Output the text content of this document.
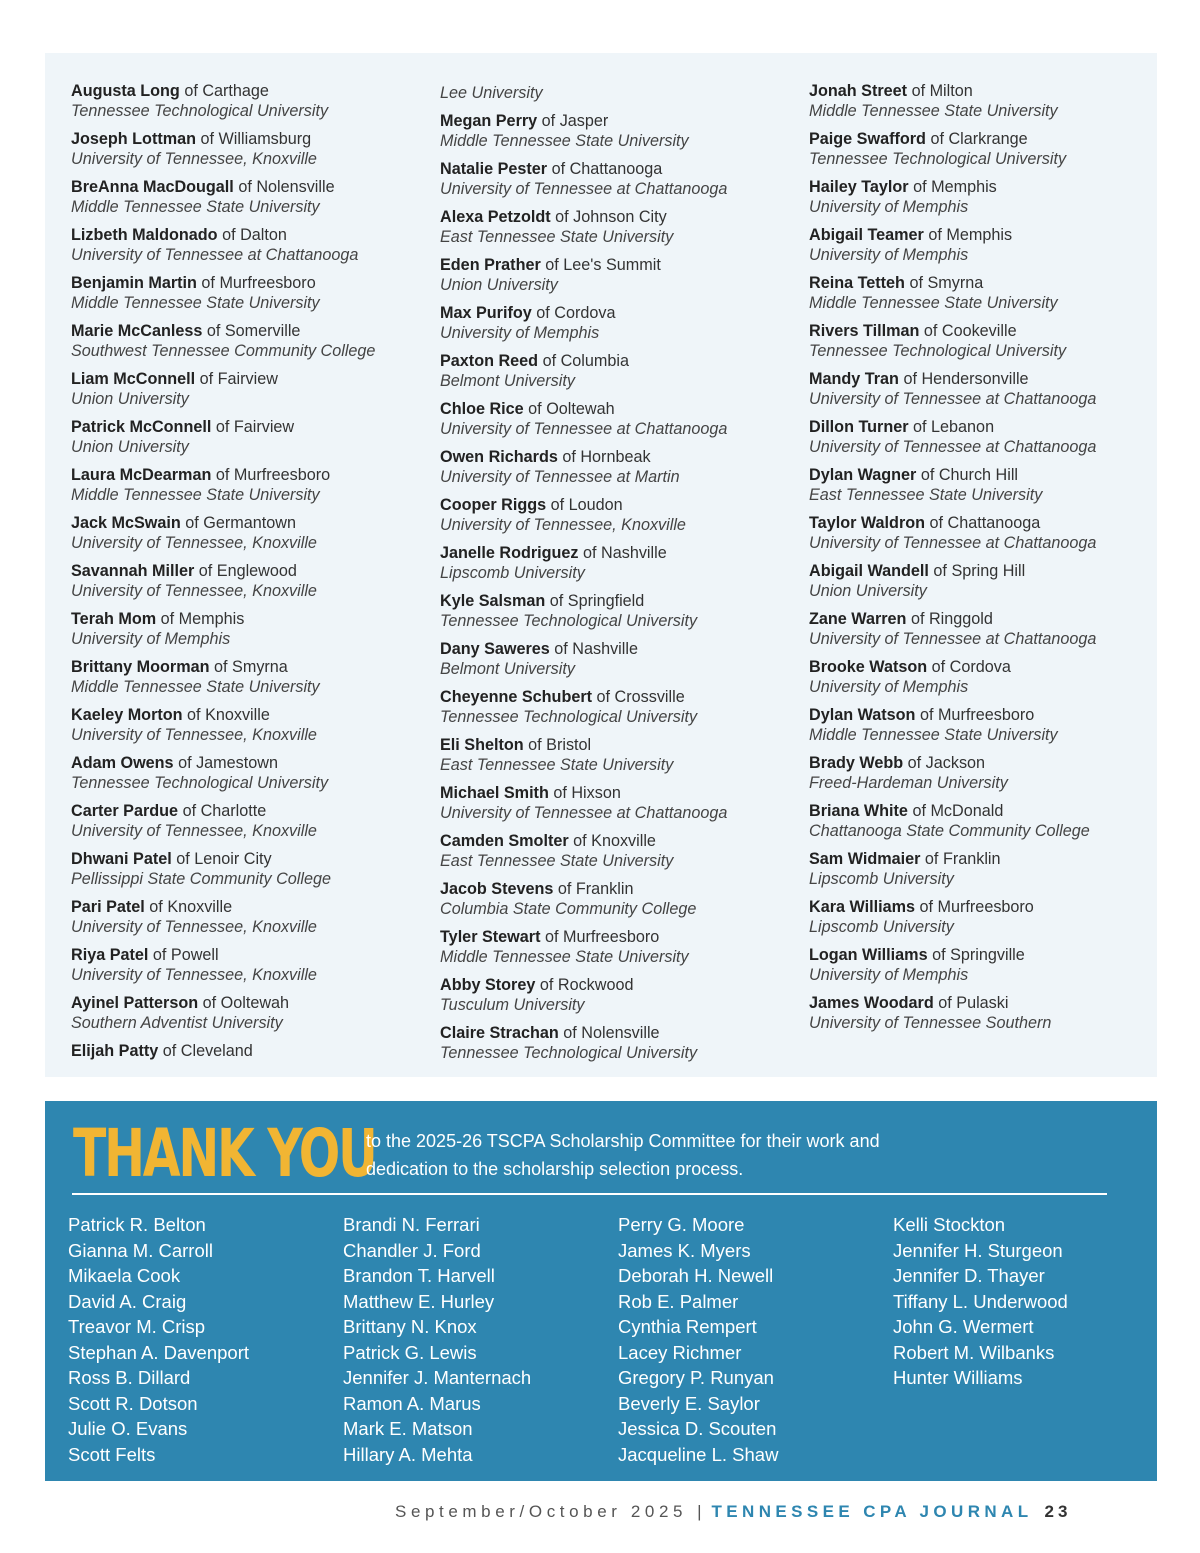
Augusta Long of Carthage
Tennessee Technological University
Joseph Lottman of Williamsburg
University of Tennessee, Knoxville
BreAnna MacDougall of Nolensville
Middle Tennessee State University
Lizbeth Maldonado of Dalton
University of Tennessee at Chattanooga
Benjamin Martin of Murfreesboro
Middle Tennessee State University
Marie McCanless of Somerville
Southwest Tennessee Community College
Liam McConnell of Fairview
Union University
Patrick McConnell of Fairview
Union University
Laura McDearman of Murfreesboro
Middle Tennessee State University
Jack McSwain of Germantown
University of Tennessee, Knoxville
Savannah Miller of Englewood
University of Tennessee, Knoxville
Terah Mom of Memphis
University of Memphis
Brittany Moorman of Smyrna
Middle Tennessee State University
Kaeley Morton of Knoxville
University of Tennessee, Knoxville
Adam Owens of Jamestown
Tennessee Technological University
Carter Pardue of Charlotte
University of Tennessee, Knoxville
Dhwani Patel of Lenoir City
Pellissippi State Community College
Pari Patel of Knoxville
University of Tennessee, Knoxville
Riya Patel of Powell
University of Tennessee, Knoxville
Ayinel Patterson of Ooltewah
Southern Adventist University
Elijah Patty of Cleveland
Lee University
Megan Perry of Jasper
Middle Tennessee State University
Natalie Pester of Chattanooga
University of Tennessee at Chattanooga
Alexa Petzoldt of Johnson City
East Tennessee State University
Eden Prather of Lee's Summit
Union University
Max Purifoy of Cordova
University of Memphis
Paxton Reed of Columbia
Belmont University
Chloe Rice of Ooltewah
University of Tennessee at Chattanooga
Owen Richards of Hornbeak
University of Tennessee at Martin
Cooper Riggs of Loudon
University of Tennessee, Knoxville
Janelle Rodriguez of Nashville
Lipscomb University
Kyle Salsman of Springfield
Tennessee Technological University
Dany Saweres of Nashville
Belmont University
Cheyenne Schubert of Crossville
Tennessee Technological University
Eli Shelton of Bristol
East Tennessee State University
Michael Smith of Hixson
University of Tennessee at Chattanooga
Camden Smolter of Knoxville
East Tennessee State University
Jacob Stevens of Franklin
Columbia State Community College
Tyler Stewart of Murfreesboro
Middle Tennessee State University
Abby Storey of Rockwood
Tusculum University
Claire Strachan of Nolensville
Tennessee Technological University
Jonah Street of Milton
Middle Tennessee State University
Paige Swafford of Clarkrange
Tennessee Technological University
Hailey Taylor of Memphis
University of Memphis
Abigail Teamer of Memphis
University of Memphis
Reina Tetteh of Smyrna
Middle Tennessee State University
Rivers Tillman of Cookeville
Tennessee Technological University
Mandy Tran of Hendersonville
University of Tennessee at Chattanooga
Dillon Turner of Lebanon
University of Tennessee at Chattanooga
Dylan Wagner of Church Hill
East Tennessee State University
Taylor Waldron of Chattanooga
University of Tennessee at Chattanooga
Abigail Wandell of Spring Hill
Union University
Zane Warren of Ringgold
University of Tennessee at Chattanooga
Brooke Watson of Cordova
University of Memphis
Dylan Watson of Murfreesboro
Middle Tennessee State University
Brady Webb of Jackson
Freed-Hardeman University
Briana White of McDonald
Chattanooga State Community College
Sam Widmaier of Franklin
Lipscomb University
Kara Williams of Murfreesboro
Lipscomb University
Logan Williams of Springville
University of Memphis
James Woodard of Pulaski
University of Tennessee Southern
THANK YOU
to the 2025-26 TSCPA Scholarship Committee for their work and dedication to the scholarship selection process.
Patrick R. Belton
Gianna M. Carroll
Mikaela Cook
David A. Craig
Treavor M. Crisp
Stephan A. Davenport
Ross B. Dillard
Scott R. Dotson
Julie O. Evans
Scott Felts
Brandi N. Ferrari
Chandler J. Ford
Brandon T. Harvell
Matthew E. Hurley
Brittany N. Knox
Patrick G. Lewis
Jennifer J. Manternach
Ramon A. Marus
Mark E. Matson
Hillary A. Mehta
Perry G. Moore
James K. Myers
Deborah H. Newell
Rob E. Palmer
Cynthia Rempert
Lacey Richmer
Gregory P. Runyan
Beverly E. Saylor
Jessica D. Scouten
Jacqueline L. Shaw
Kelli Stockton
Jennifer H. Sturgeon
Jennifer D. Thayer
Tiffany L. Underwood
John G. Wermert
Robert M. Wilbanks
Hunter Williams
September/October 2025 | TENNESSEE CPA JOURNAL 23
